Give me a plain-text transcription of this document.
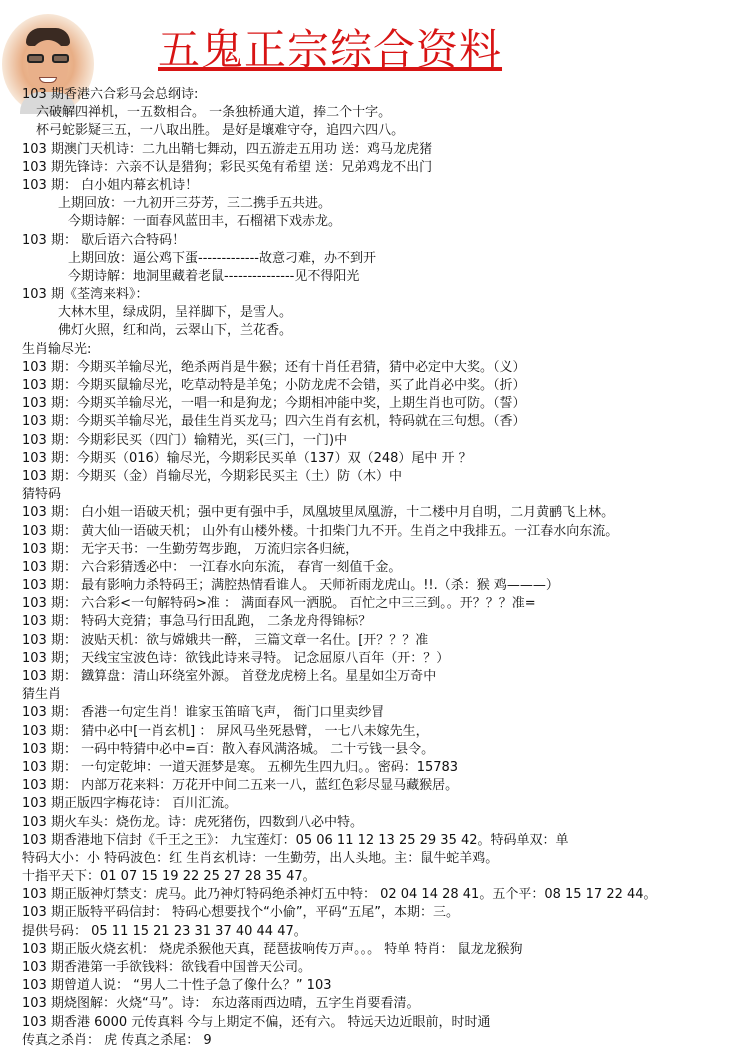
五鬼正宗综合资料
103 期香港六合彩马会总纲诗:
六破解四禅机，一五数相合。 一条独桥通大道，捧二个十字。
杯弓蛇影疑三五，一八取出胜。 是好是壤难守夺，追四六四八。
103 期澳门天机诗：二九出鞘七舞动，四五游走五用功 送：鸡马龙虎猪
103 期先锋诗：六亲不认是猎狗；彩民买兔有希望 送：兄弟鸡龙不出门
103 期： 白小姐内幕玄机诗！
上期回放：一九初开三芬芳，三二携手五共进。
今期诗解：一面春风蓝田丰，石榴裙下戏赤龙。
103 期： 歇后语六合特码！
上期回放：逼公鸡下蛋-------------故意刁难，办不到开
今期诗解：地洞里藏着老鼠---------------见不得阳光
103 期《荃湾来料》：
大林木里，绿成阴，呈祥脚下，是雪人。
佛灯火照，红和尚，云翠山下，兰花香。
生肖输尽光:
103 期：今期买羊输尽光，绝杀两肖是牛猴；还有十肖任君猜，猜中必定中大奖。（义）
103 期：今期买鼠输尽光，吃草动特是羊兔；小防龙虎不会错，买了此肖必中奖。（折）
103 期：今期买羊输尽光，一唱一和是狗龙；今期相冲能中奖，上期生肖也可防。（誓）
103 期：今期买羊输尽光，最佳生肖买龙马；四六生肖有玄机，特码就在三句想。（香）
103 期：今期彩民买（四门）输精光，买(三门，一门)中
103 期：今期买（016）输尽光，今期彩民买单（137）双（248）尾中 开 ？
103 期：今期买（金）肖输尽光，今期彩民买主（土）防（木）中
猜特码
103 期： 白小姐一语破天机；强中更有强中手，凤凰坡里凤凰游，十二楼中月自明，二月黄鹂飞上林。
103 期： 黄大仙一语破天机； 山外有山楼外楼。十扣柴门九不开。生肖之中我排五。一江春水向东流。
103 期： 无字天书：一生勤劳驾步跑， 万流归宗各归統，
103 期： 六合彩猜透必中： 一江春水向东流， 春宵一刻值千金。
103 期： 最有影响力杀特码王；满腔热情看谁人。 天师祈雨龙虎山。!!.（杀：猴 鸡———）
103 期： 六合彩<一句解特码>准 ： 满面春风一洒脱。 百忙之中三三到。。开？？？准=
103 期： 特码大竞猜；事急马行田乱跑， 二条龙舟得锦标？
103 期： 波贴天机：欲与嫦娥共一醉， 三篇文章一名仕。[开？？？准
103 期； 天线宝宝波色诗：欲钱此诗来寻特。 记念屈原八百年（开：？）
103 期： 鐡算盘：清山环绕室外源。 首登龙虎榜上名。星星如尘万奇中
猜生肖
103 期： 香港一句定生肖！谁家玉笛暗飞声， 衙门口里卖纱冒
103 期： 猜中必中[一肖玄机] ： 屏风马坐死悬臂， 一七八未嫁先生，
103 期： 一码中特猜中必中=百：散入春风满洛城。 二十亏钱一县令。
103 期： 一句定乾坤：一道天涯梦是寒。 五柳先生四九归。。密码：15783
103 期： 内部万花来料：万花开中间二五来一八，蓝红色彩尽显马藏猴居。
103 期正版四字梅花诗： 百川汇流。
103 期火车头：烧伤龙。诗：虎死猪伤，四数到八必中特。
103 期香港地下信封《千王之王》： 九宝莲灯：05 06 11 12 13 25 29 35 42。特码单双：单
特码大小：小 特码波色：红 生肖玄机诗：一生勤劳，出人头地。主：鼠牛蛇羊鸡。
十指平天下：01 07 15 19 22 25 27 28 35 47。
103 期正版神灯禁支：虎马。此乃神灯特码绝杀神灯五中特： 02 04 14 28 41。五个平：08 15 17 22 44。
103 期正版特平码信封： 特码心想要找个“小偷”，平码“五尾”，本期：三。
提供号码： 05 11 15 21 23 31 37 40 44 47。
103 期正版火烧玄机： 烧虎杀猴他天真，琵琶拔响传万声。。。 特单 特肖： 鼠龙龙猴狗
103 期香港第一手欲钱料：欲钱看中国普天公司。
103 期曾道人说： “男人二十性子急了像什么？” 103
103 期烧图解：火烧“马”。诗： 东边落雨西边晴，五字生肖要看清。
103 期香港 6000 元传真料 今与上期定不偏，还有六。 特远天边近眼前，时时通
传真之杀肖： 虎 传真之杀尾： 9
